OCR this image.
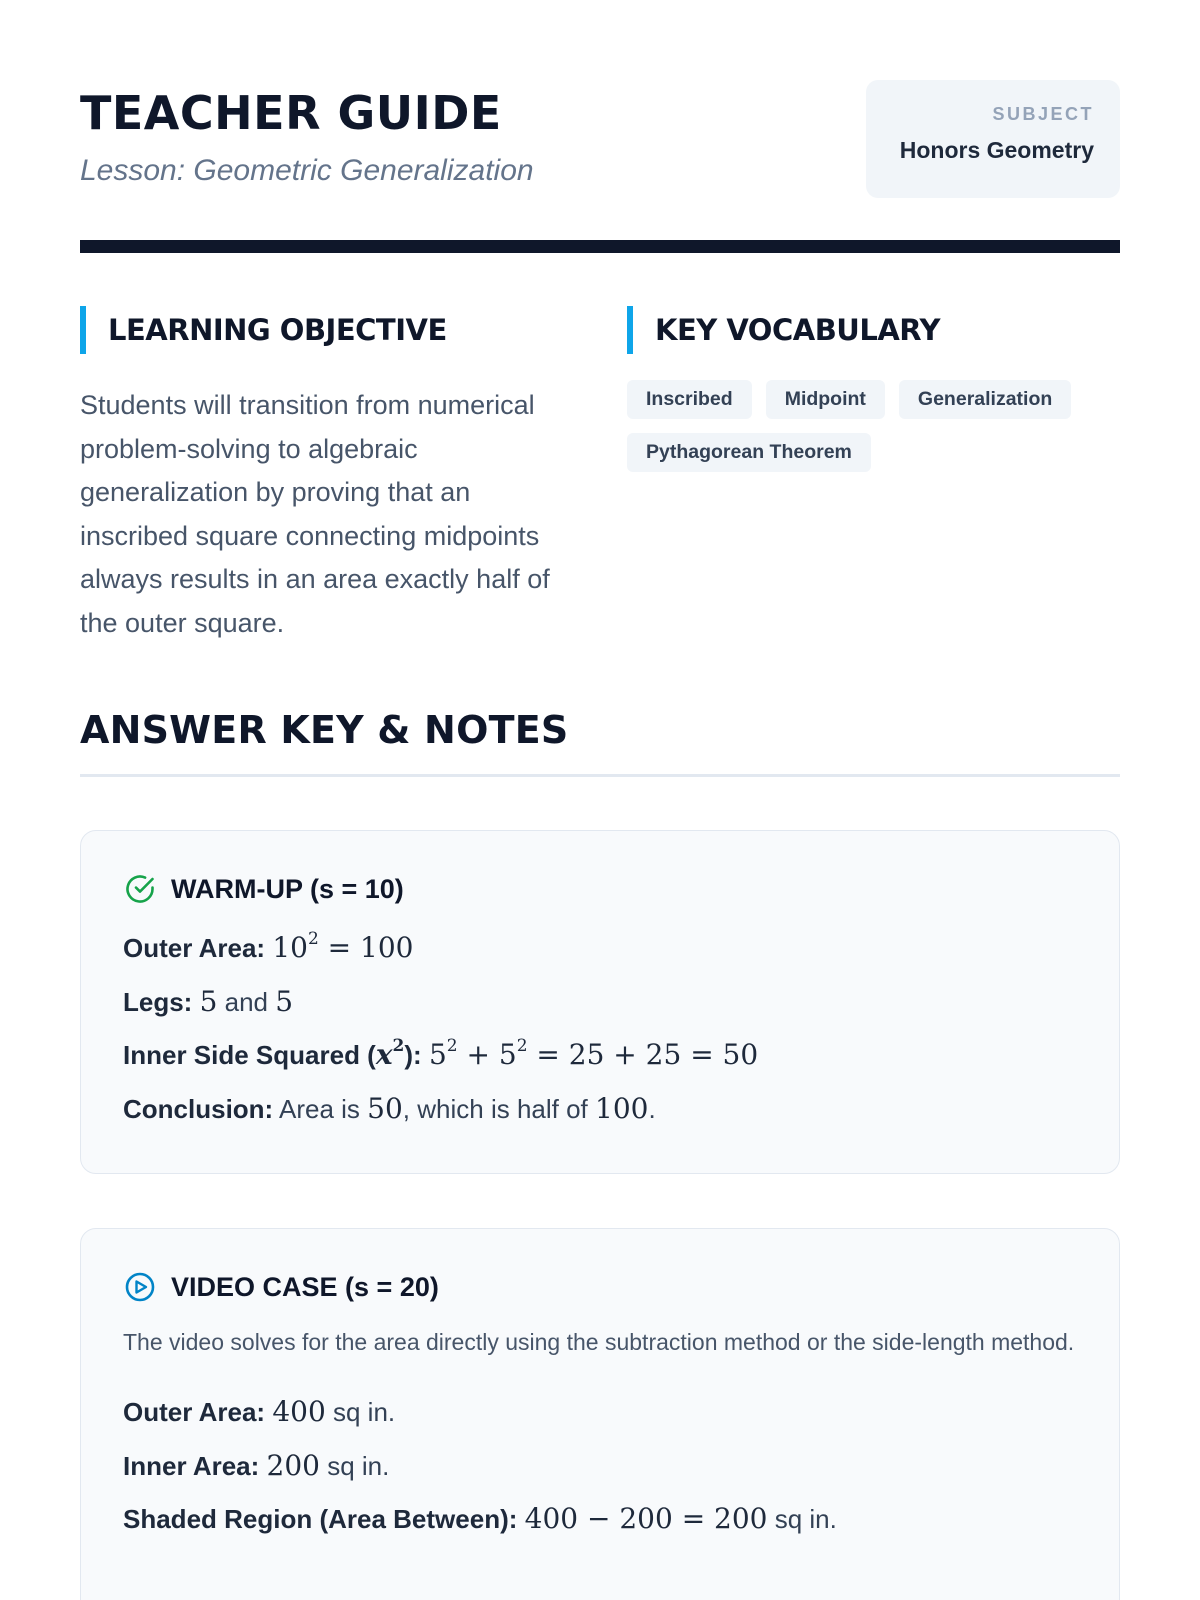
TEACHER GUIDE
Lesson: Geometric Generalization
SUBJECT
Honors Geometry
LEARNING OBJECTIVE

Students will transition from numerical problem-solving to algebraic generalization by proving that an inscribed square connecting midpoints always results in an area exactly half of the outer square.

KEY VOCABULARY
Inscribed	Midpoint	Generalization
Pythagorean Theorem
ANSWER KEY & NOTES
WARM-UP (s = 10)
Outer Area: $10^2 = 100$
Legs: 5 and 5
Inner Side Squared $(x^2)$: $5^2 + 5^2 = 25 + 25 = 50$
Conclusion: Area is 50, which is half of 100.
VIDEO CASE (s = 20)

The video solves for the area directly using the subtraction method or the side-length method.

Outer Area: 400 sq in.
Inner Area: 200 sq in.
Shaded Region (Area Between): 400 − 200 = 200 sq in.
